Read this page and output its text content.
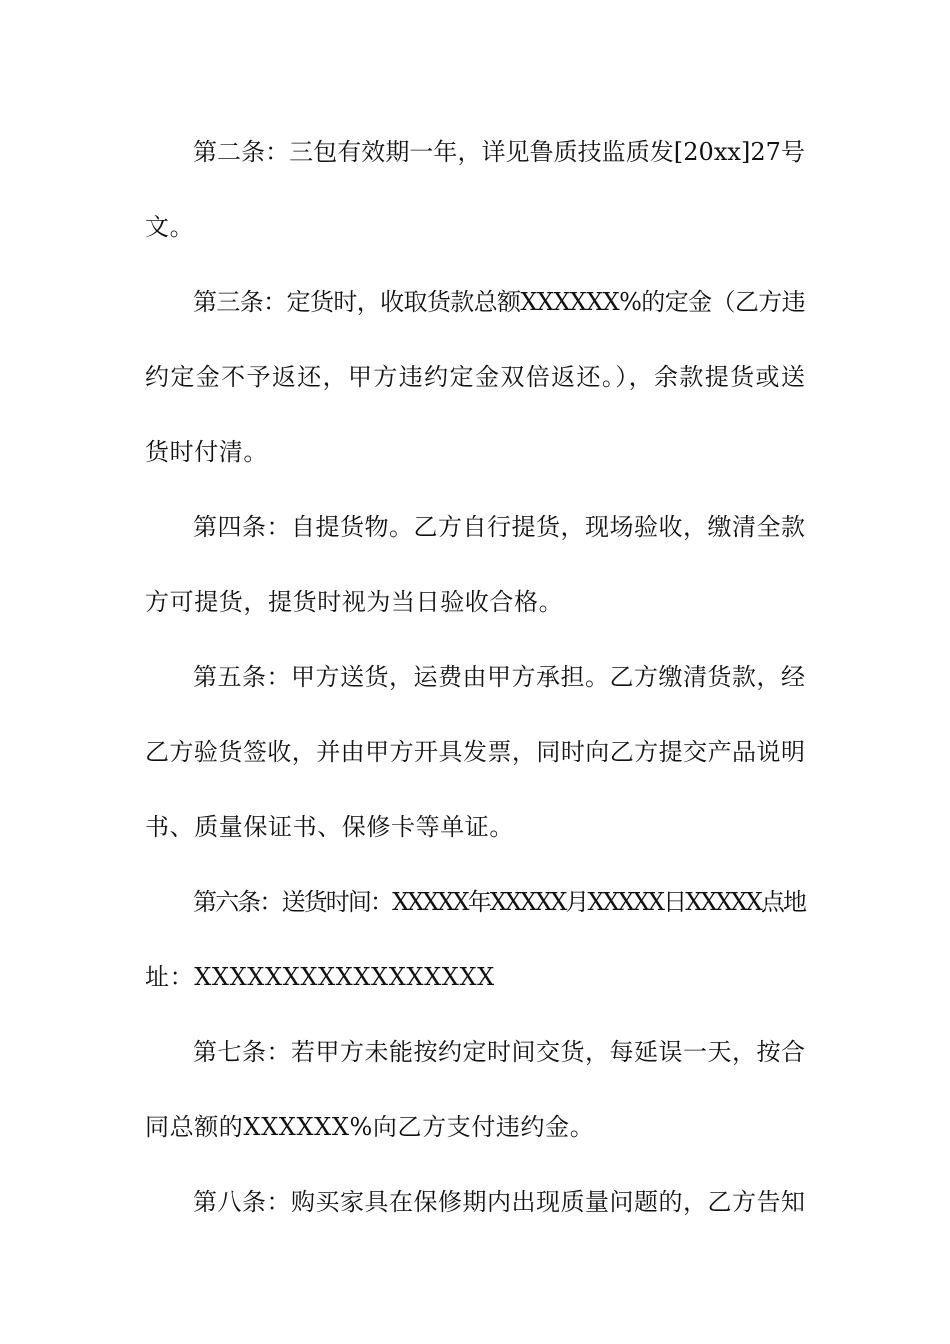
第二条：三包有效期一年，详见鲁质技监质发[20xx]27号
文。
第三条：定货时，收取货款总额XXXXXX%的定金（乙方违
约定金不予返还，甲方违约定金双倍返还。），余款提货或送
货时付清。
第四条：自提货物。乙方自行提货，现场验收，缴清全款
方可提货，提货时视为当日验收合格。
第五条：甲方送货，运费由甲方承担。乙方缴清货款，经
乙方验货签收，并由甲方开具发票，同时向乙方提交产品说明
书、质量保证书、保修卡等单证。
第六条：送货时间：XXXXX年XXXXX月XXXXX日XXXXX点地
址：XXXXXXXXXXXXXXXXX
第七条：若甲方未能按约定时间交货，每延误一天，按合
同总额的XXXXXX%向乙方支付违约金。
第八条：购买家具在保修期内出现质量问题的，乙方告知
